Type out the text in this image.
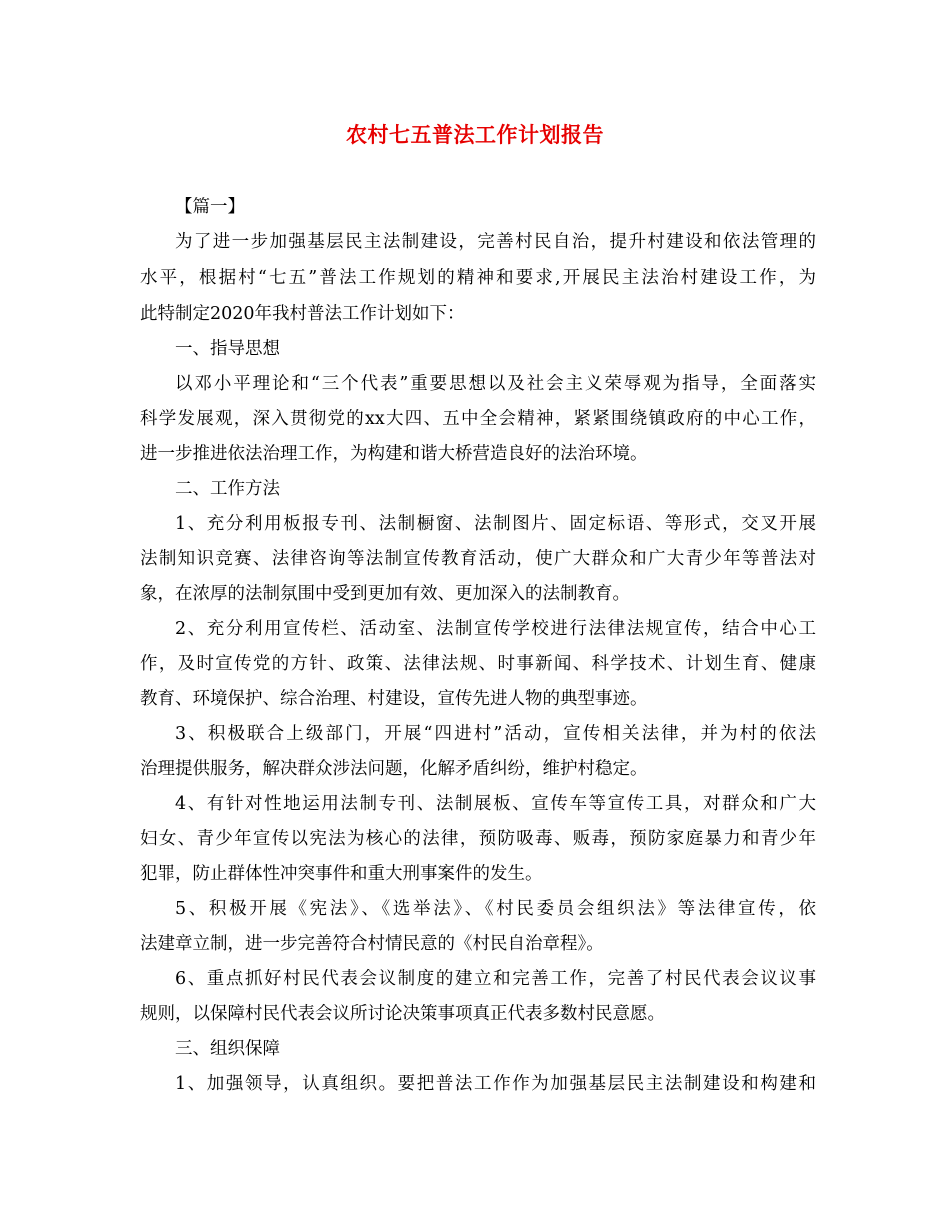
农村七五普法工作计划报告
【篇一】
为了进一步加强基层民主法制建设，完善村民自治，提升村建设和依法管理的
水平，根据村“七五”普法工作规划的精神和要求,开展民主法治村建设工作，为
此特制定2020年我村普法工作计划如下：
一、指导思想
以邓小平理论和“三个代表”重要思想以及社会主义荣辱观为指导，全面落实
科学发展观，深入贯彻党的xx大四、五中全会精神，紧紧围绕镇政府的中心工作，
进一步推进依法治理工作，为构建和谐大桥营造良好的法治环境。
二、工作方法
1、充分利用板报专刊、法制橱窗、法制图片、固定标语、等形式，交叉开展
法制知识竞赛、法律咨询等法制宣传教育活动，使广大群众和广大青少年等普法对
象，在浓厚的法制氛围中受到更加有效、更加深入的法制教育。
2、充分利用宣传栏、活动室、法制宣传学校进行法律法规宣传，结合中心工
作，及时宣传党的方针、政策、法律法规、时事新闻、科学技术、计划生育、健康
教育、环境保护、综合治理、村建设，宣传先进人物的典型事迹。
3、积极联合上级部门，开展“四进村”活动，宣传相关法律，并为村的依法
治理提供服务，解决群众涉法问题，化解矛盾纠纷，维护村稳定。
4、有针对性地运用法制专刊、法制展板、宣传车等宣传工具，对群众和广大
妇女、青少年宣传以宪法为核心的法律，预防吸毒、贩毒，预防家庭暴力和青少年
犯罪，防止群体性冲突事件和重大刑事案件的发生。
5、积极开展《宪法》、《选举法》、《村民委员会组织法》等法律宣传，依
法建章立制，进一步完善符合村情民意的《村民自治章程》。
6、重点抓好村民代表会议制度的建立和完善工作，完善了村民代表会议议事
规则，以保障村民代表会议所讨论决策事项真正代表多数村民意愿。
三、组织保障
1、加强领导，认真组织。要把普法工作作为加强基层民主法制建设和构建和
